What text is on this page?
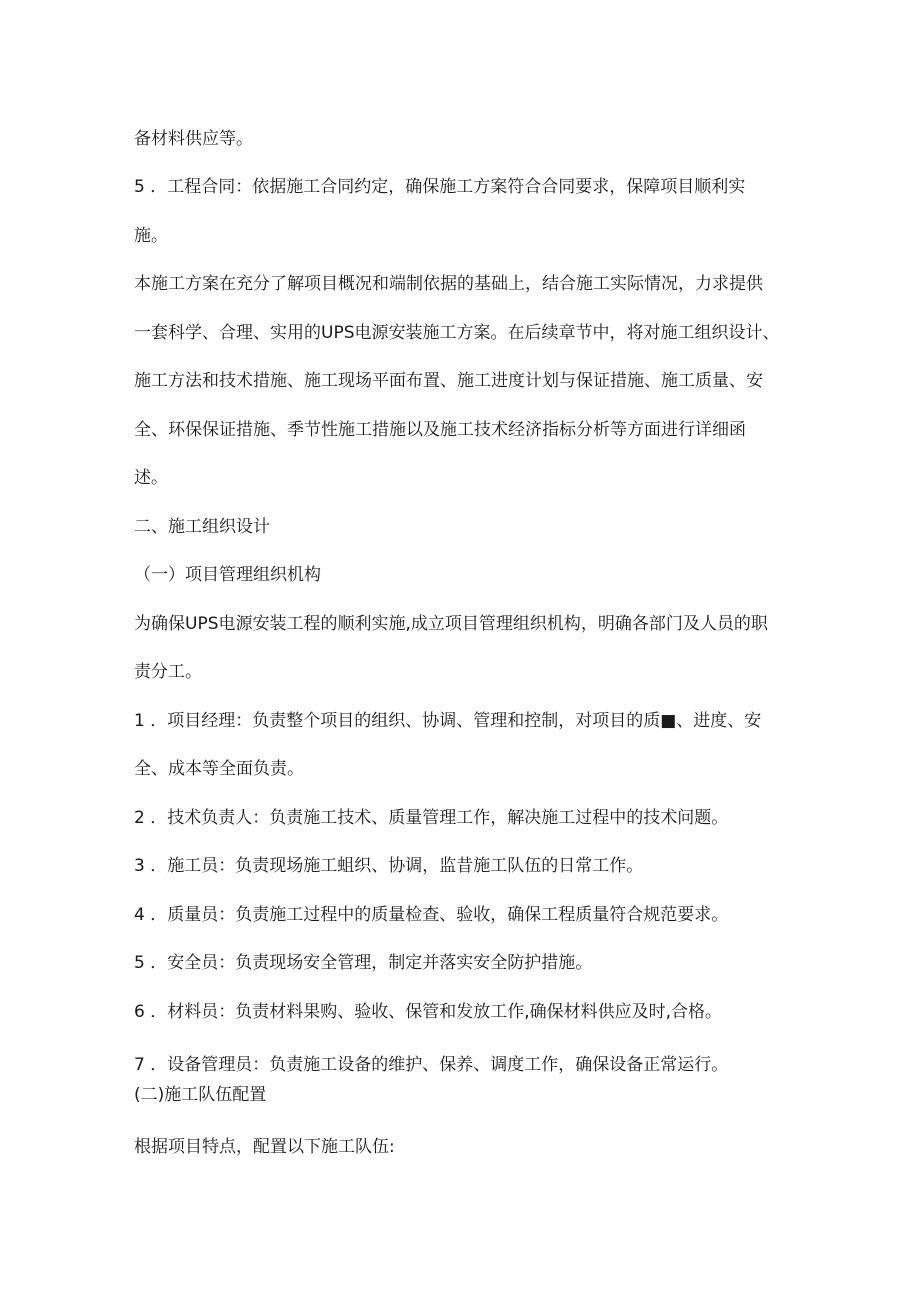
备材料供应等。

5 ．工程合同：依据施工合同约定，确保施工方案符合合同要求，保障项目顺利实

施。

本施工方案在充分了解项目概况和端制依据的基础上，结合施工实际情况，力求提供

一套科学、合理、实用的UPS电源安装施工方案。在后续章节中，将对施工组织设计、

施工方法和技术措施、施工现场平面布置、施工进度计划与保证措施、施工质量、安

全、环保保证措施、季节性施工措施以及施工技术经济指标分析等方面进行详细函

述。

二、施工组织设计

（一）项目管理组织机构

为确保UPS电源安装工程的顺利实施,成立项目管理组织机构，明确各部门及人员的职

责分工。

1 ．项目经理：负责整个项目的组织、协调、管理和控制，对项目的质■、进度、安

全、成本等全面负责。

2 ．技术负责人：负责施工技术、质量管理工作，解决施工过程中的技术问题。

3 ．施工员：负责现场施工蛆织、协调，监昔施工队伍的日常工作。

4 ．质量员：负责施工过程中的质量检查、验收，确保工程质量符合规范要求。

5 ．安全员：负责现场安全管理，制定并落实安全防护措施。

6 ．材料员：负责材料果购、验收、保管和发放工作,确保材料供应及时,合格。

7 ．设备管理员：负责施工设备的维护、保养、调度工作，确保设备正常运行。

(二)施工队伍配置

根据项目特点，配置以下施工队伍:
